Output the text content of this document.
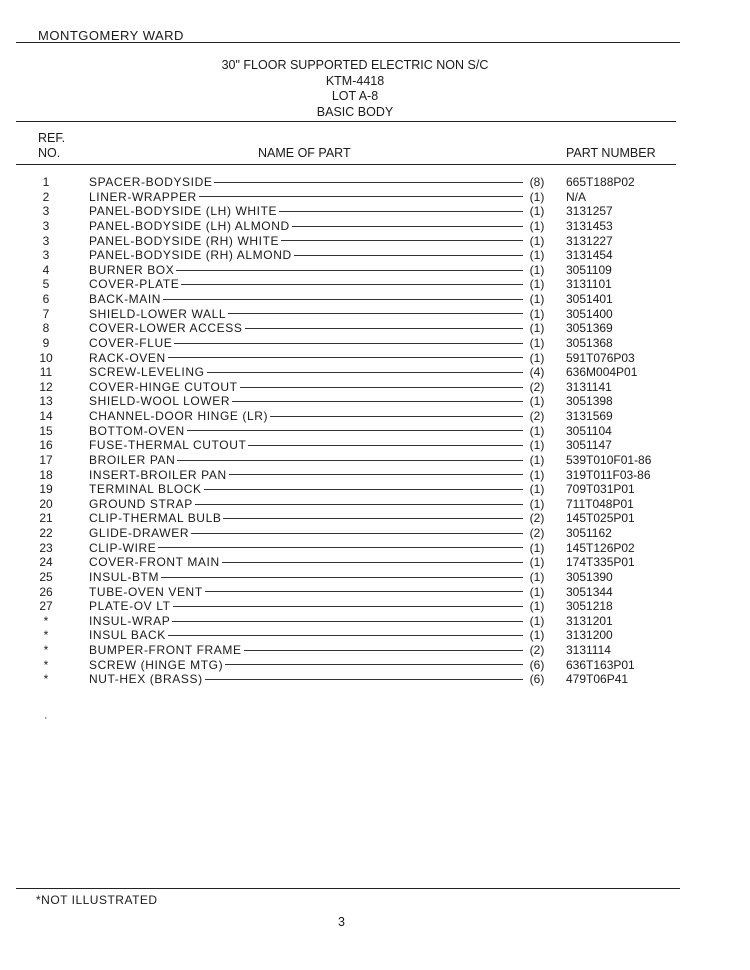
MONTGOMERY WARD
30" FLOOR SUPPORTED ELECTRIC NON S/C
KTM-4418
LOT A-8
BASIC BODY
REF.
NO.	NAME OF PART	PART NUMBER
1	SPACER-BODYSIDE	(8)	665T188P02
2	LINER-WRAPPER	(1)	N/A
3	PANEL-BODYSIDE (LH) WHITE	(1)	3131257
3	PANEL-BODYSIDE (LH) ALMOND	(1)	3131453
3	PANEL-BODYSIDE (RH) WHITE	(1)	3131227
3	PANEL-BODYSIDE (RH) ALMOND	(1)	3131454
4	BURNER BOX	(1)	3051109
5	COVER-PLATE	(1)	3131101
6	BACK-MAIN	(1)	3051401
7	SHIELD-LOWER WALL	(1)	3051400
8	COVER-LOWER ACCESS	(1)	3051369
9	COVER-FLUE	(1)	3051368
10	RACK-OVEN	(1)	591T076P03
11	SCREW-LEVELING	(4)	636M004P01
12	COVER-HINGE CUTOUT	(2)	3131141
13	SHIELD-WOOL LOWER	(1)	3051398
14	CHANNEL-DOOR HINGE (LR)	(2)	3131569
15	BOTTOM-OVEN	(1)	3051104
16	FUSE-THERMAL CUTOUT	(1)	3051147
17	BROILER PAN	(1)	539T010F01-86
18	INSERT-BROILER PAN	(1)	319T011F03-86
19	TERMINAL BLOCK	(1)	709T031P01
20	GROUND STRAP	(1)	711T048P01
21	CLIP-THERMAL BULB	(2)	145T025P01
22	GLIDE-DRAWER	(2)	3051162
23	CLIP-WIRE	(1)	145T126P02
24	COVER-FRONT MAIN	(1)	174T335P01
25	INSUL-BTM	(1)	3051390
26	TUBE-OVEN VENT	(1)	3051344
27	PLATE-OV LT	(1)	3051218
*	INSUL-WRAP	(1)	3131201
*	INSUL BACK	(1)	3131200
*	BUMPER-FRONT FRAME	(2)	3131114
*	SCREW (HINGE MTG)	(6)	636T163P01
*	NUT-HEX (BRASS)	(6)	479T06P41
·
*NOT ILLUSTRATED
3
